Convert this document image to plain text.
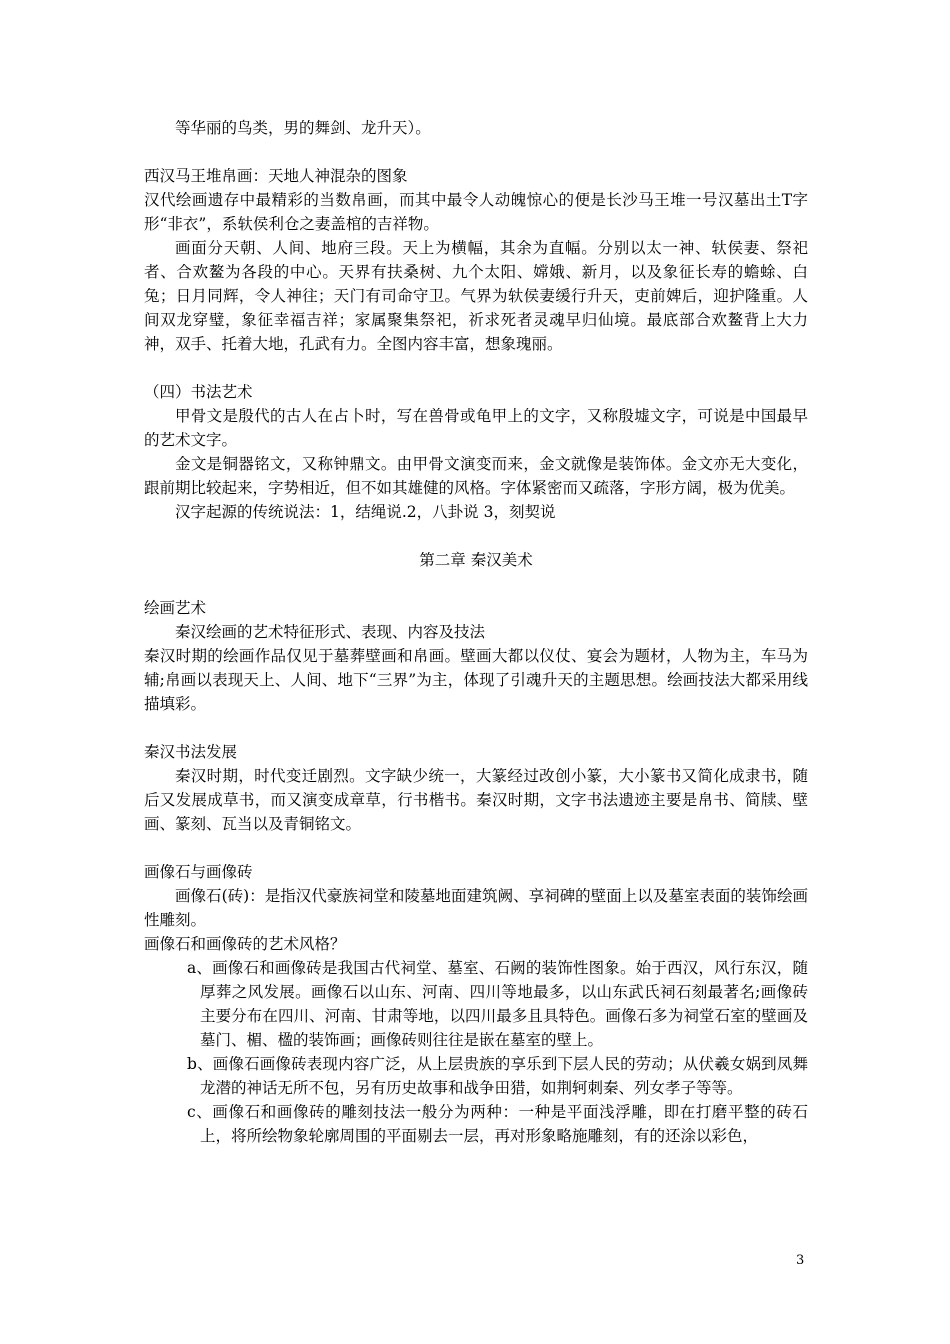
等华丽的鸟类，男的舞剑、龙升天）。

西汉马王堆帛画：天地人神混杂的图象

汉代绘画遗存中最精彩的当数帛画，而其中最令人动魄惊心的便是长沙马王堆一号汉墓出土T字形“非衣”，系轪侯利仓之妻盖棺的吉祥物。

画面分天朝、人间、地府三段。天上为横幅，其余为直幅。分别以太一神、轪侯妻、祭祀者、合欢鳌为各段的中心。天界有扶桑树、九个太阳、嫦娥、新月，以及象征长寿的蟾蜍、白兔；日月同辉，令人神往；天门有司命守卫。气界为轪侯妻缓行升天，吏前婢后，迎护隆重。人间双龙穿璧，象征幸福吉祥；家属聚集祭祀，祈求死者灵魂早归仙境。最底部合欢鳌背上大力神，双手、托着大地，孔武有力。全图内容丰富，想象瑰丽。

（四）书法艺术

甲骨文是殷代的古人在占卜时，写在兽骨或龟甲上的文字，又称殷墟文字，可说是中国最早的艺术文字。

金文是铜器铭文，又称钟鼎文。由甲骨文演变而来，金文就像是装饰体。金文亦无大变化，跟前期比较起来，字势相近，但不如其雄健的风格。字体紧密而又疏落，字形方阔，极为优美。

汉字起源的传统说法：1，结绳说.2，八卦说 3，刻契说

第二章 秦汉美术

绘画艺术

秦汉绘画的艺术特征形式、表现、内容及技法

秦汉时期的绘画作品仅见于墓葬壁画和帛画。壁画大都以仪仗、宴会为题材，人物为主，车马为辅;帛画以表现天上、人间、地下“三界”为主，体现了引魂升天的主题思想。绘画技法大都采用线描填彩。

秦汉书法发展

秦汉时期，时代变迁剧烈。文字缺少统一，大篆经过改创小篆，大小篆书又简化成隶书，随后又发展成草书，而又演变成章草，行书楷书。秦汉时期，文字书法遗迹主要是帛书、简牍、壁画、篆刻、瓦当以及青铜铭文。

画像石与画像砖

画像石(砖)：是指汉代豪族祠堂和陵墓地面建筑阙、享祠碑的壁面上以及墓室表面的装饰绘画性雕刻。

画像石和画像砖的艺术风格？

a、画像石和画像砖是我国古代祠堂、墓室、石阙的装饰性图象。始于西汉，风行东汉，随厚葬之风发展。画像石以山东、河南、四川等地最多，以山东武氏祠石刻最著名;画像砖 主要分布在四川、河南、甘肃等地，以四川最多且具特色。画像石多为祠堂石室的壁画及墓门、楣、楹的装饰画；画像砖则往往是嵌在墓室的壁上。

b、画像石画像砖表现内容广泛，从上层贵族的享乐到下层人民的劳动；从伏羲女娲到凤舞龙潜的神话无所不包，另有历史故事和战争田猎，如荆轲刺秦、列女孝子等等。

c、画像石和画像砖的雕刻技法一般分为两种：一种是平面浅浮雕，即在打磨平整的砖石上，将所绘物象轮廓周围的平面剔去一层，再对形象略施雕刻，有的还涂以彩色，

3
